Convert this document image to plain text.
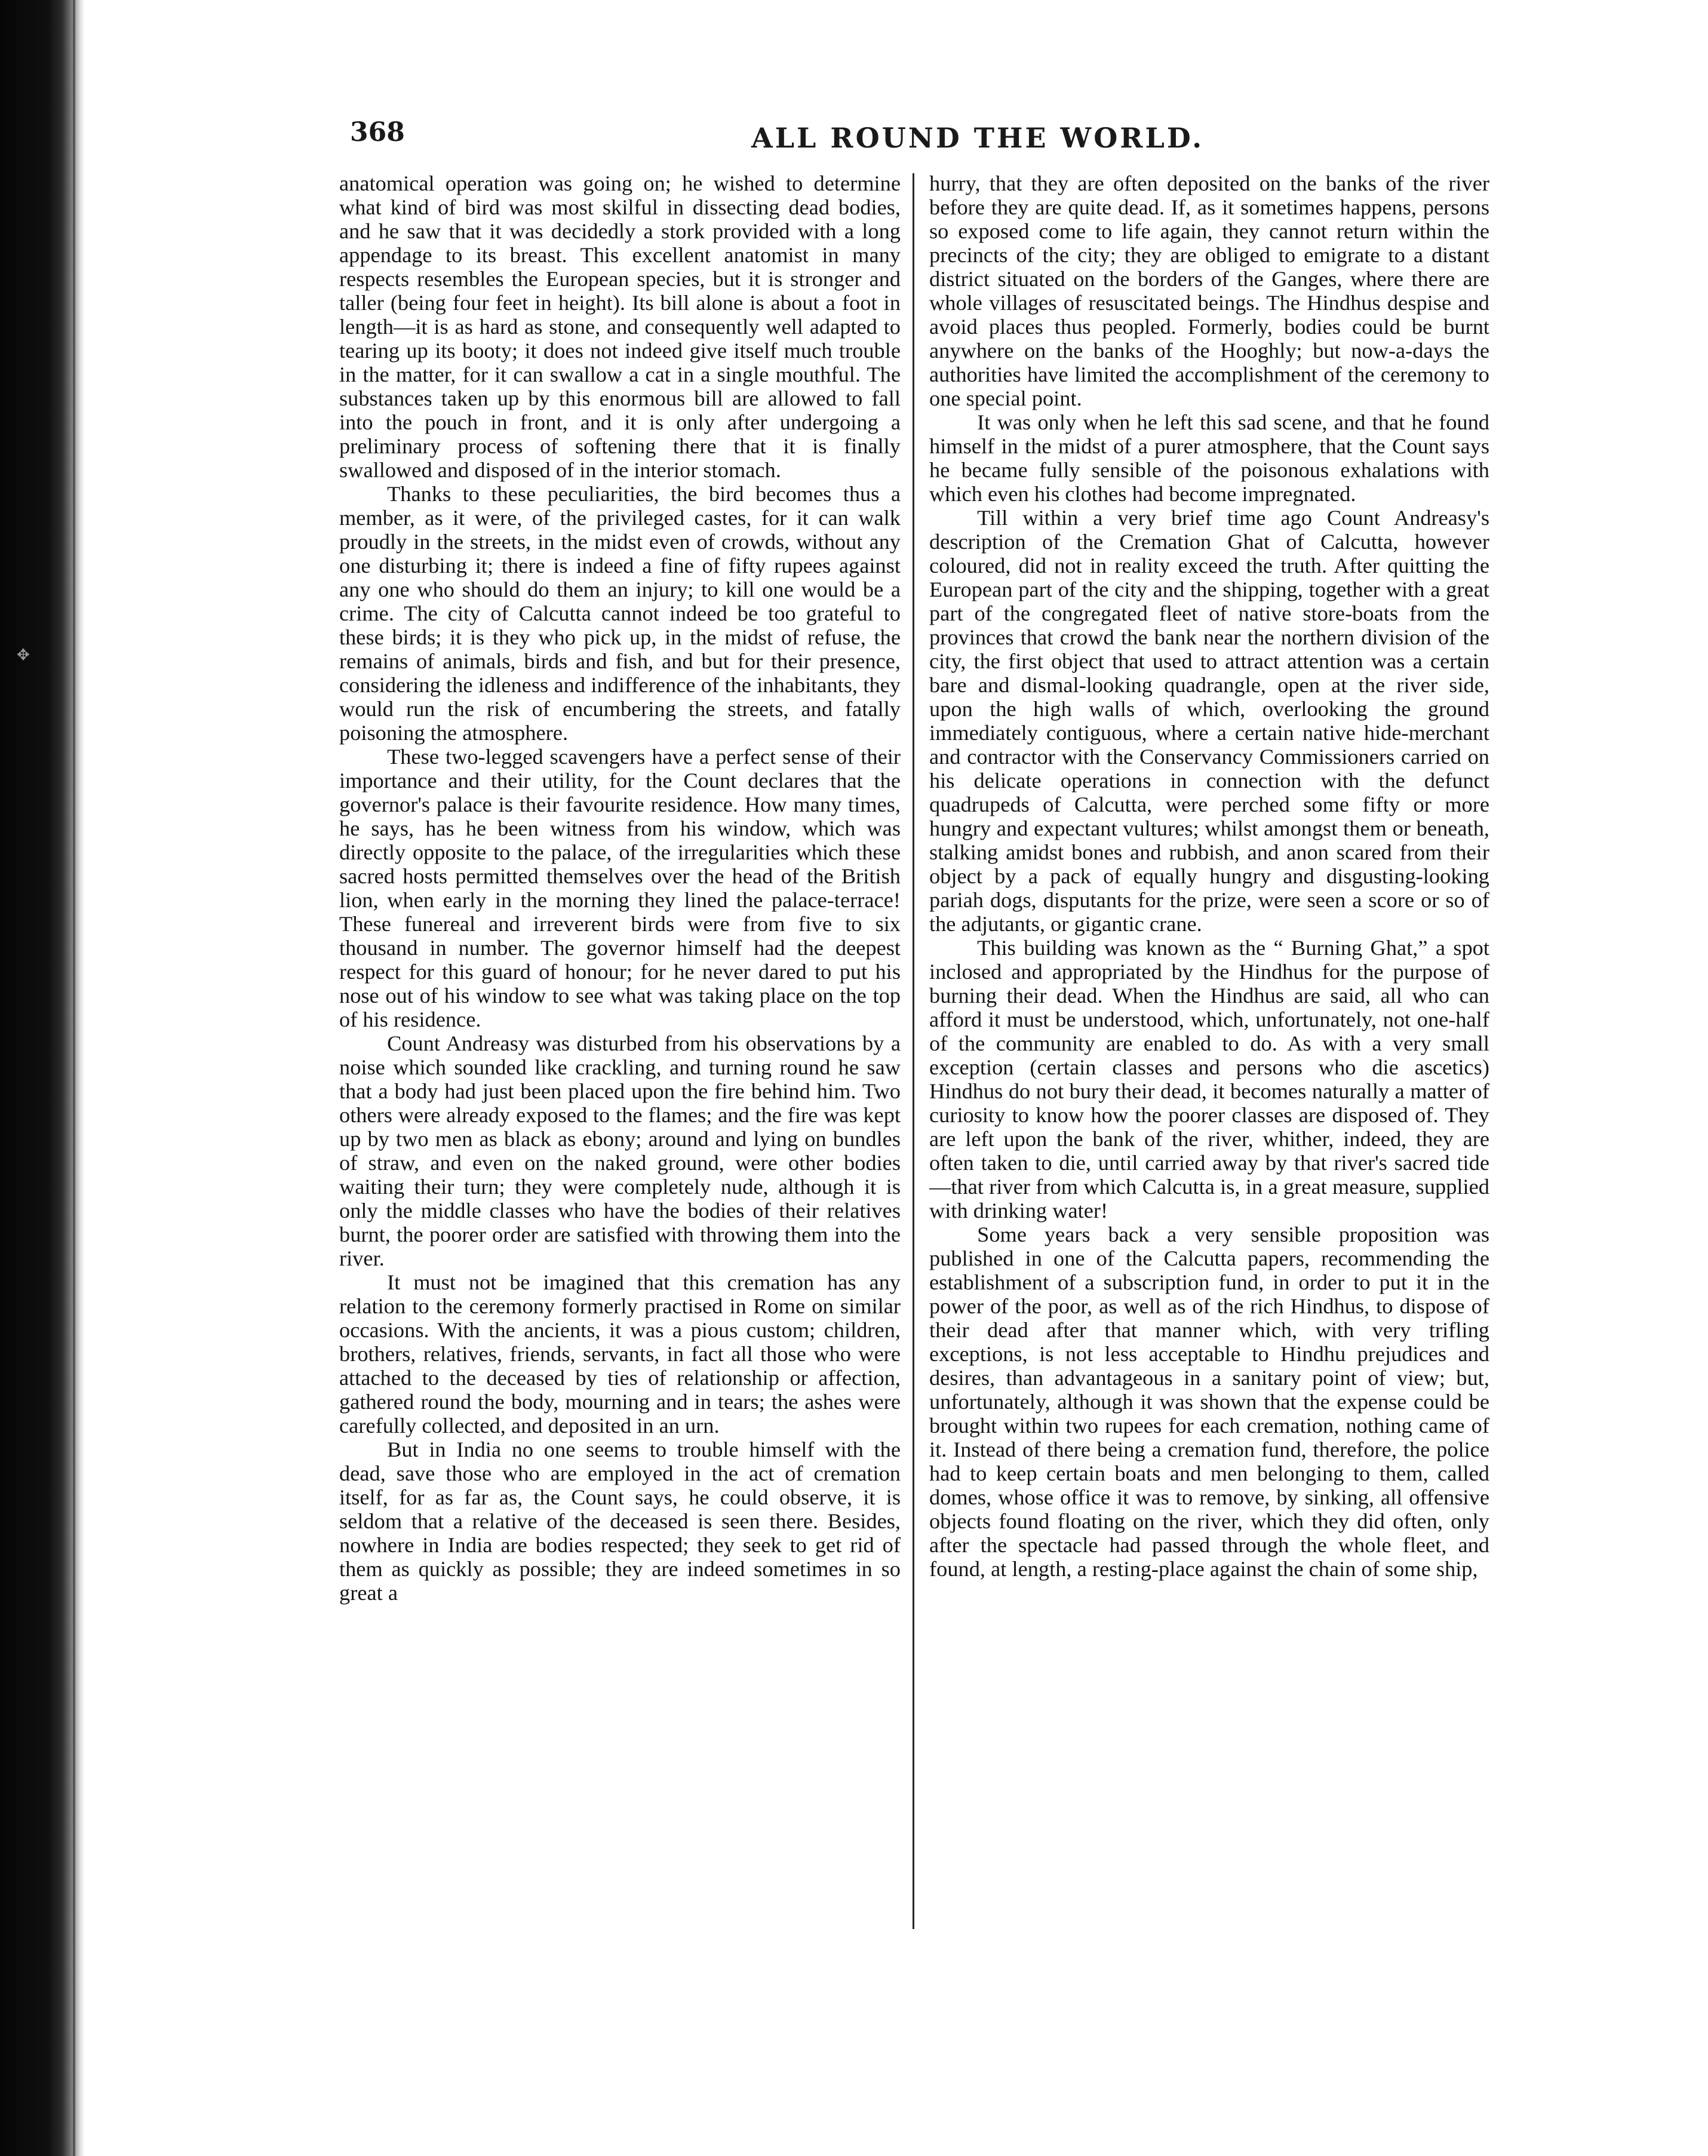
✥
368	ALL ROUND THE WORLD.

anatomical operation was going on; he wished to determine what kind of bird was most skilful in dissecting dead bodies, and he saw that it was decidedly a stork provided with a long appendage to its breast. This excellent anatomist in many respects resembles the European species, but it is stronger and taller (being four feet in height). Its bill alone is about a foot in length—it is as hard as stone, and consequently well adapted to tearing up its booty; it does not indeed give itself much trouble in the matter, for it can swallow a cat in a single mouthful. The substances taken up by this enormous bill are allowed to fall into the pouch in front, and it is only after undergoing a preliminary process of softening there that it is finally swallowed and disposed of in the interior stomach.

Thanks to these peculiarities, the bird becomes thus a member, as it were, of the privileged castes, for it can walk proudly in the streets, in the midst even of crowds, without any one disturbing it; there is indeed a fine of fifty rupees against any one who should do them an injury; to kill one would be a crime. The city of Calcutta cannot indeed be too grateful to these birds; it is they who pick up, in the midst of refuse, the remains of animals, birds and fish, and but for their presence, considering the idleness and indifference of the inhabitants, they would run the risk of encumbering the streets, and fatally poisoning the atmosphere.

These two-legged scavengers have a perfect sense of their importance and their utility, for the Count declares that the governor's palace is their favourite residence. How many times, he says, has he been witness from his window, which was directly opposite to the palace, of the irregularities which these sacred hosts permitted themselves over the head of the British lion, when early in the morning they lined the palace-terrace! These funereal and irreverent birds were from five to six thousand in number. The governor himself had the deepest respect for this guard of honour; for he never dared to put his nose out of his window to see what was taking place on the top of his residence.

Count Andreasy was disturbed from his observations by a noise which sounded like crackling, and turning round he saw that a body had just been placed upon the fire behind him. Two others were already exposed to the flames; and the fire was kept up by two men as black as ebony; around and lying on bundles of straw, and even on the naked ground, were other bodies waiting their turn; they were completely nude, although it is only the middle classes who have the bodies of their relatives burnt, the poorer order are satisfied with throwing them into the river.

It must not be imagined that this cremation has any relation to the ceremony formerly practised in Rome on similar occasions. With the ancients, it was a pious custom; children, brothers, relatives, friends, servants, in fact all those who were attached to the deceased by ties of relationship or affection, gathered round the body, mourning and in tears; the ashes were carefully collected, and deposited in an urn.

But in India no one seems to trouble himself with the dead, save those who are employed in the act of cremation itself, for as far as, the Count says, he could observe, it is seldom that a relative of the deceased is seen there. Besides, nowhere in India are bodies respected; they seek to get rid of them as quickly as possible; they are indeed sometimes in so great a

hurry, that they are often deposited on the banks of the river before they are quite dead. If, as it sometimes happens, persons so exposed come to life again, they cannot return within the precincts of the city; they are obliged to emigrate to a distant district situated on the borders of the Ganges, where there are whole villages of resuscitated beings. The Hindhus despise and avoid places thus peopled. Formerly, bodies could be burnt anywhere on the banks of the Hooghly; but now-a-days the authorities have limited the accomplishment of the ceremony to one special point.

It was only when he left this sad scene, and that he found himself in the midst of a purer atmosphere, that the Count says he became fully sensible of the poisonous exhalations with which even his clothes had become impregnated.

Till within a very brief time ago Count Andreasy's description of the Cremation Ghat of Calcutta, however coloured, did not in reality exceed the truth. After quitting the European part of the city and the shipping, together with a great part of the congregated fleet of native store-boats from the provinces that crowd the bank near the northern division of the city, the first object that used to attract attention was a certain bare and dismal-looking quadrangle, open at the river side, upon the high walls of which, overlooking the ground immediately contiguous, where a certain native hide-merchant and contractor with the Conservancy Commissioners carried on his delicate operations in connection with the defunct quadrupeds of Calcutta, were perched some fifty or more hungry and expectant vultures; whilst amongst them or beneath, stalking amidst bones and rubbish, and anon scared from their object by a pack of equally hungry and disgusting-looking pariah dogs, disputants for the prize, were seen a score or so of the adjutants, or gigantic crane.

This building was known as the “ Burning Ghat,” a spot inclosed and appropriated by the Hindhus for the purpose of burning their dead. When the Hindhus are said, all who can afford it must be understood, which, unfortunately, not one-half of the community are enabled to do. As with a very small exception (certain classes and persons who die ascetics) Hindhus do not bury their dead, it becomes naturally a matter of curiosity to know how the poorer classes are disposed of. They are left upon the bank of the river, whither, indeed, they are often taken to die, until carried away by that river's sacred tide—that river from which Calcutta is, in a great measure, supplied with drinking water!

Some years back a very sensible proposition was published in one of the Calcutta papers, recommending the establishment of a subscription fund, in order to put it in the power of the poor, as well as of the rich Hindhus, to dispose of their dead after that manner which, with very trifling exceptions, is not less acceptable to Hindhu prejudices and desires, than advantageous in a sanitary point of view; but, unfortunately, although it was shown that the expense could be brought within two rupees for each cremation, nothing came of it. Instead of there being a cremation fund, therefore, the police had to keep certain boats and men belonging to them, called domes, whose office it was to remove, by sinking, all offensive objects found floating on the river, which they did often, only after the spectacle had passed through the whole fleet, and found, at length, a resting-place against the chain of some ship,
